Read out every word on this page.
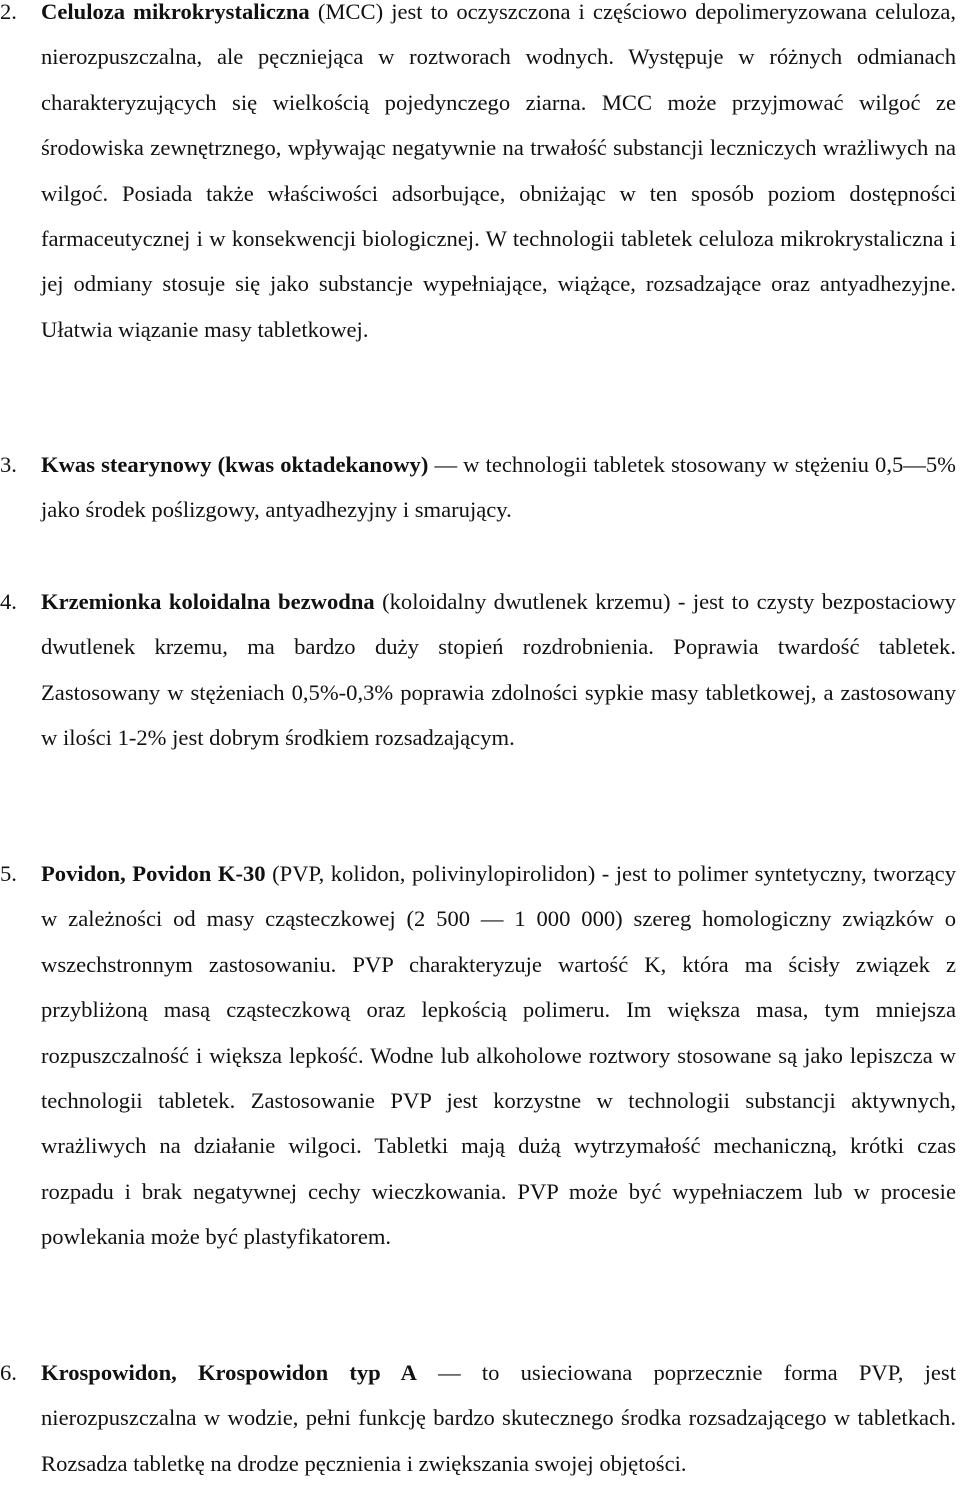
2.	Celuloza mikrokrystaliczna (MCC) jest to oczyszczona i częściowo depolimeryzowana celuloza, nierozpuszczalna, ale pęczniejąca w roztworach wodnych. Występuje w różnych odmianach charakteryzujących się wielkością pojedynczego ziarna. MCC może przyjmować wilgoć ze środowiska zewnętrznego, wpływając negatywnie na trwałość substancji leczniczych wrażliwych na wilgoć. Posiada także właściwości adsorbujące, obniżając w ten sposób poziom dostępności farmaceutycznej i w konsekwencji biologicznej. W technologii tabletek celuloza mikrokrystaliczna i jej odmiany stosuje się jako substancje wypełniające, wiążące, rozsadzające oraz antyadhezyjne. Ułatwia wiązanie masy tabletkowej.
3.	Kwas stearynowy (kwas oktadekanowy) ― w technologii tabletek stosowany w stężeniu 0,5―5% jako środek poślizgowy, antyadhezyjny i smarujący.
4.	Krzemionka koloidalna bezwodna (koloidalny dwutlenek krzemu) - jest to czysty bezpostaciowy dwutlenek krzemu, ma bardzo duży stopień rozdrobnienia. Poprawia twardość tabletek. Zastosowany w stężeniach 0,5%-0,3% poprawia zdolności sypkie masy tabletkowej, a zastosowany w ilości 1-2% jest dobrym środkiem rozsadzającym.
5.	Povidon, Povidon K-30 (PVP, kolidon, polivinylopirolidon) - jest to polimer syntetyczny, tworzący w zależności od masy cząsteczkowej (2 500 ― 1 000 000) szereg homologiczny związków o wszechstronnym zastosowaniu. PVP charakteryzuje wartość K, która ma ścisły związek z przybliżoną masą cząsteczkową oraz lepkością polimeru. Im większa masa, tym mniejsza rozpuszczalność i większa lepkość. Wodne lub alkoholowe roztwory stosowane są jako lepiszcza w technologii tabletek. Zastosowanie PVP jest korzystne w technologii substancji aktywnych, wrażliwych na działanie wilgoci. Tabletki mają dużą wytrzymałość mechaniczną, krótki czas rozpadu i brak negatywnej cechy wieczkowania. PVP może być wypełniaczem lub w procesie powlekania może być plastyfikatorem.
6.	Krospowidon, Krospowidon typ A ― to usieciowana poprzecznie forma PVP, jest nierozpuszczalna w wodzie, pełni funkcję bardzo skutecznego środka rozsadzającego w tabletkach. Rozsadza tabletkę na drodze pęcznienia i zwiększania swojej objętości.
